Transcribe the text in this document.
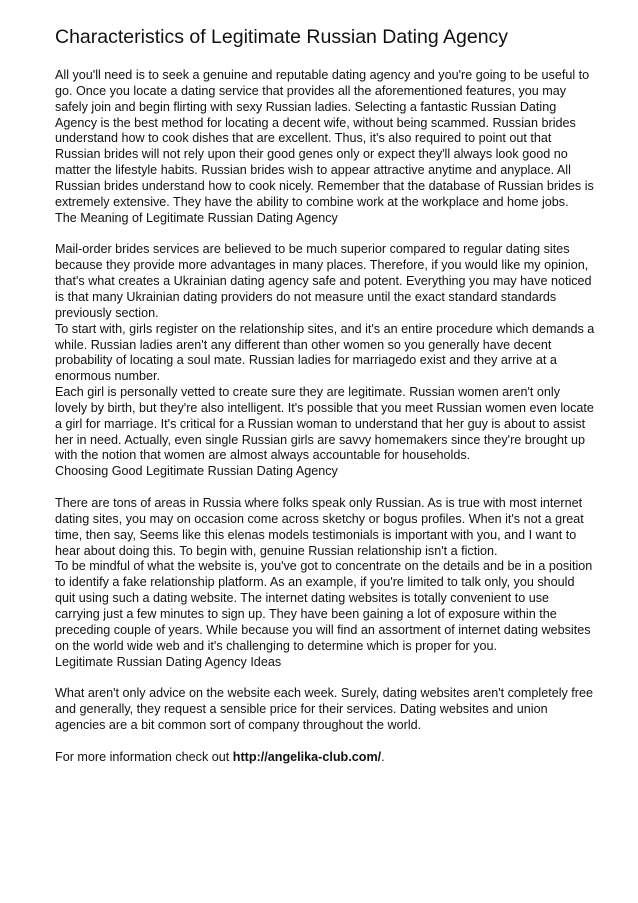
Characteristics of Legitimate Russian Dating Agency

All you'll need is to seek a genuine and reputable dating agency and you're going to be useful to go. Once you locate a dating service that provides all the aforementioned features, you may safely join and begin flirting with sexy Russian ladies. Selecting a fantastic Russian Dating Agency is the best method for locating a decent wife, without being scammed. Russian brides understand how to cook dishes that are excellent. Thus, it's also required to point out that Russian brides will not rely upon their good genes only or expect they'll always look good no matter the lifestyle habits. Russian brides wish to appear attractive anytime and anyplace. All Russian brides understand how to cook nicely. Remember that the database of Russian brides is extremely extensive. They have the ability to combine work at the workplace and home jobs.

The Meaning of Legitimate Russian Dating Agency

Mail-order brides services are believed to be much superior compared to regular dating sites because they provide more advantages in many places. Therefore, if you would like my opinion, that's what creates a Ukrainian dating agency safe and potent. Everything you may have noticed is that many Ukrainian dating providers do not measure until the exact standard standards previously section.

To start with, girls register on the relationship sites, and it's an entire procedure which demands a while. Russian ladies aren't any different than other women so you generally have decent probability of locating a soul mate. Russian ladies for marriagedo exist and they arrive at a enormous number.

Each girl is personally vetted to create sure they are legitimate. Russian women aren't only lovely by birth, but they're also intelligent. It's possible that you meet Russian women even locate a girl for marriage. It's critical for a Russian woman to understand that her guy is about to assist her in need. Actually, even single Russian girls are savvy homemakers since they're brought up with the notion that women are almost always accountable for households.

Choosing Good Legitimate Russian Dating Agency

There are tons of areas in Russia where folks speak only Russian. As is true with most internet dating sites, you may on occasion come across sketchy or bogus profiles. When it's not a great time, then say, Seems like this elenas models testimonials is important with you, and I want to hear about doing this. To begin with, genuine Russian relationship isn't a fiction.

To be mindful of what the website is, you've got to concentrate on the details and be in a position to identify a fake relationship platform. As an example, if you're limited to talk only, you should quit using such a dating website. The internet dating websites is totally convenient to use carrying just a few minutes to sign up. They have been gaining a lot of exposure within the preceding couple of years. While because you will find an assortment of internet dating websites on the world wide web and it's challenging to determine which is proper for you.

Legitimate Russian Dating Agency Ideas

What aren't only advice on the website each week. Surely, dating websites aren't completely free and generally, they request a sensible price for their services. Dating websites and union agencies are a bit common sort of company throughout the world.

For more information check out http://angelika-club.com/.
